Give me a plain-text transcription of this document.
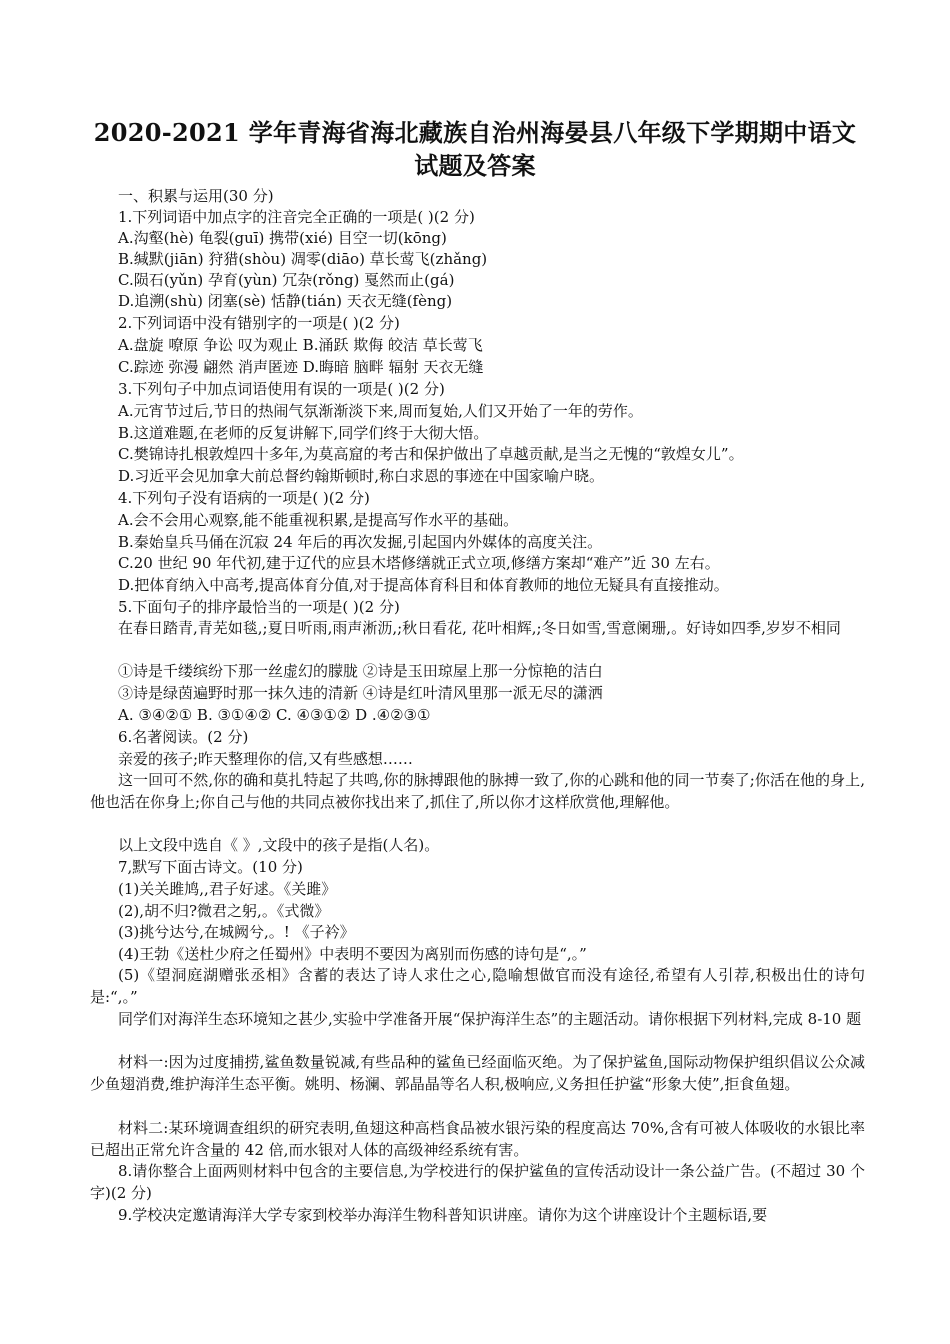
2020-2021 学年青海省海北藏族自治州海晏县八年级下学期期中语文
试题及答案
一、积累与运用(30 分)
1.下列词语中加点字的注音完全正确的一项是( )(2 分)
A.沟壑(hè) 龟裂(guī) 携带(xié) 目空一切(kōng)
B.缄默(jiān) 狩猎(shòu) 凋零(diāo) 草长莺飞(zhǎng)
C.陨石(yǔn) 孕育(yùn) 冗杂(rǒng) 戛然而止(gá)
D.追溯(shù) 闭塞(sè) 恬静(tián) 天衣无缝(fèng)
2.下列词语中没有错别字的一项是( )(2 分)
A.盘旋 嘹原 争讼 叹为观止 B.涌跃 欺侮 皎洁 草长莺飞
C.踪迹 弥漫 翩然 消声匿迹 D.晦暗 脑畔 辐射 天衣无缝
3.下列句子中加点词语使用有误的一项是( )(2 分)
A.元宵节过后,节日的热闹气氛渐渐淡下来,周而复始,人们又开始了一年的劳作。
B.这道难题,在老师的反复讲解下,同学们终于大彻大悟。
C.樊锦诗扎根敦煌四十多年,为莫高窟的考古和保护做出了卓越贡献,是当之无愧的“敦煌女儿”。
D.习近平会见加拿大前总督约翰斯顿时,称白求恩的事迹在中国家喻户晓。
4.下列句子没有语病的一项是( )(2 分)
A.会不会用心观察,能不能重视积累,是提高写作水平的基础。
B.秦始皇兵马俑在沉寂 24 年后的再次发掘,引起国内外媒体的高度关注。
C.20 世纪 90 年代初,建于辽代的应县木塔修缮就正式立项,修缮方案却“难产”近 30 左右。
D.把体育纳入中高考,提高体育分值,对于提高体育科目和体育教师的地位无疑具有直接推动。
5.下面句子的排序最恰当的一项是( )(2 分)
在春日踏青,青芜如毯,;夏日听雨,雨声淅沥,;秋日看花, 花叶相辉,;冬日如雪,雪意阑珊,。好诗如四季,岁岁不相同
①诗是千缕缤纷下那一丝虚幻的朦胧 ②诗是玉田琼屋上那一分惊艳的洁白
③诗是绿茵遍野时那一抹久违的清新 ④诗是红叶清风里那一派无尽的潇洒
A. ③④②① B. ③①④② C. ④③①② D .④②③①
6.名著阅读。(2 分)
亲爱的孩子;昨天整理你的信,又有些感想……
这一回可不然,你的确和莫扎特起了共鸣,你的脉搏跟他的脉搏一致了,你的心跳和他的同一节奏了;你活在他的身上,他也活在你身上;你自己与他的共同点被你找出来了,抓住了,所以你才这样欣赏他,理解他。
以上文段中选自《 》,文段中的孩子是指(人名)。
7,默写下面古诗文。(10 分)
(1)关关雎鸠,,君子好逑。《关雎》
(2),胡不归?微君之躬,。《式微》
(3)挑兮达兮,在城阙兮,。! 《子衿》
(4)王勃《送杜少府之任蜀州》中表明不要因为离别而伤感的诗句是“,。”
(5)《望洞庭湖赠张丞相》含蓄的表达了诗人求仕之心,隐喻想做官而没有途径,希望有人引荐,积极出仕的诗句是:“,。”
同学们对海洋生态环境知之甚少,实验中学准备开展“保护海洋生态”的主题活动。请你根据下列材料,完成 8-10 题
材料一:因为过度捕捞,鲨鱼数量锐减,有些品种的鲨鱼已经面临灭绝。为了保护鲨鱼,国际动物保护组织倡议公众减少鱼翅消费,维护海洋生态平衡。姚明、杨澜、郭晶晶等名人积,极响应,义务担任护鲨“形象大使”,拒食鱼翅。
材料二:某环境调查组织的研究表明,鱼翅这种高档食品被水银污染的程度高达 70%,含有可被人体吸收的水银比率已超出正常允许含量的 42 倍,而水银对人体的高级神经系统有害。
8.请你整合上面两则材料中包含的主要信息,为学校进行的保护鲨鱼的宣传活动设计一条公益广告。(不超过 30 个字)(2 分)
9.学校决定邀请海洋大学专家到校举办海洋生物科普知识讲座。请你为这个讲座设计个主题标语,要
